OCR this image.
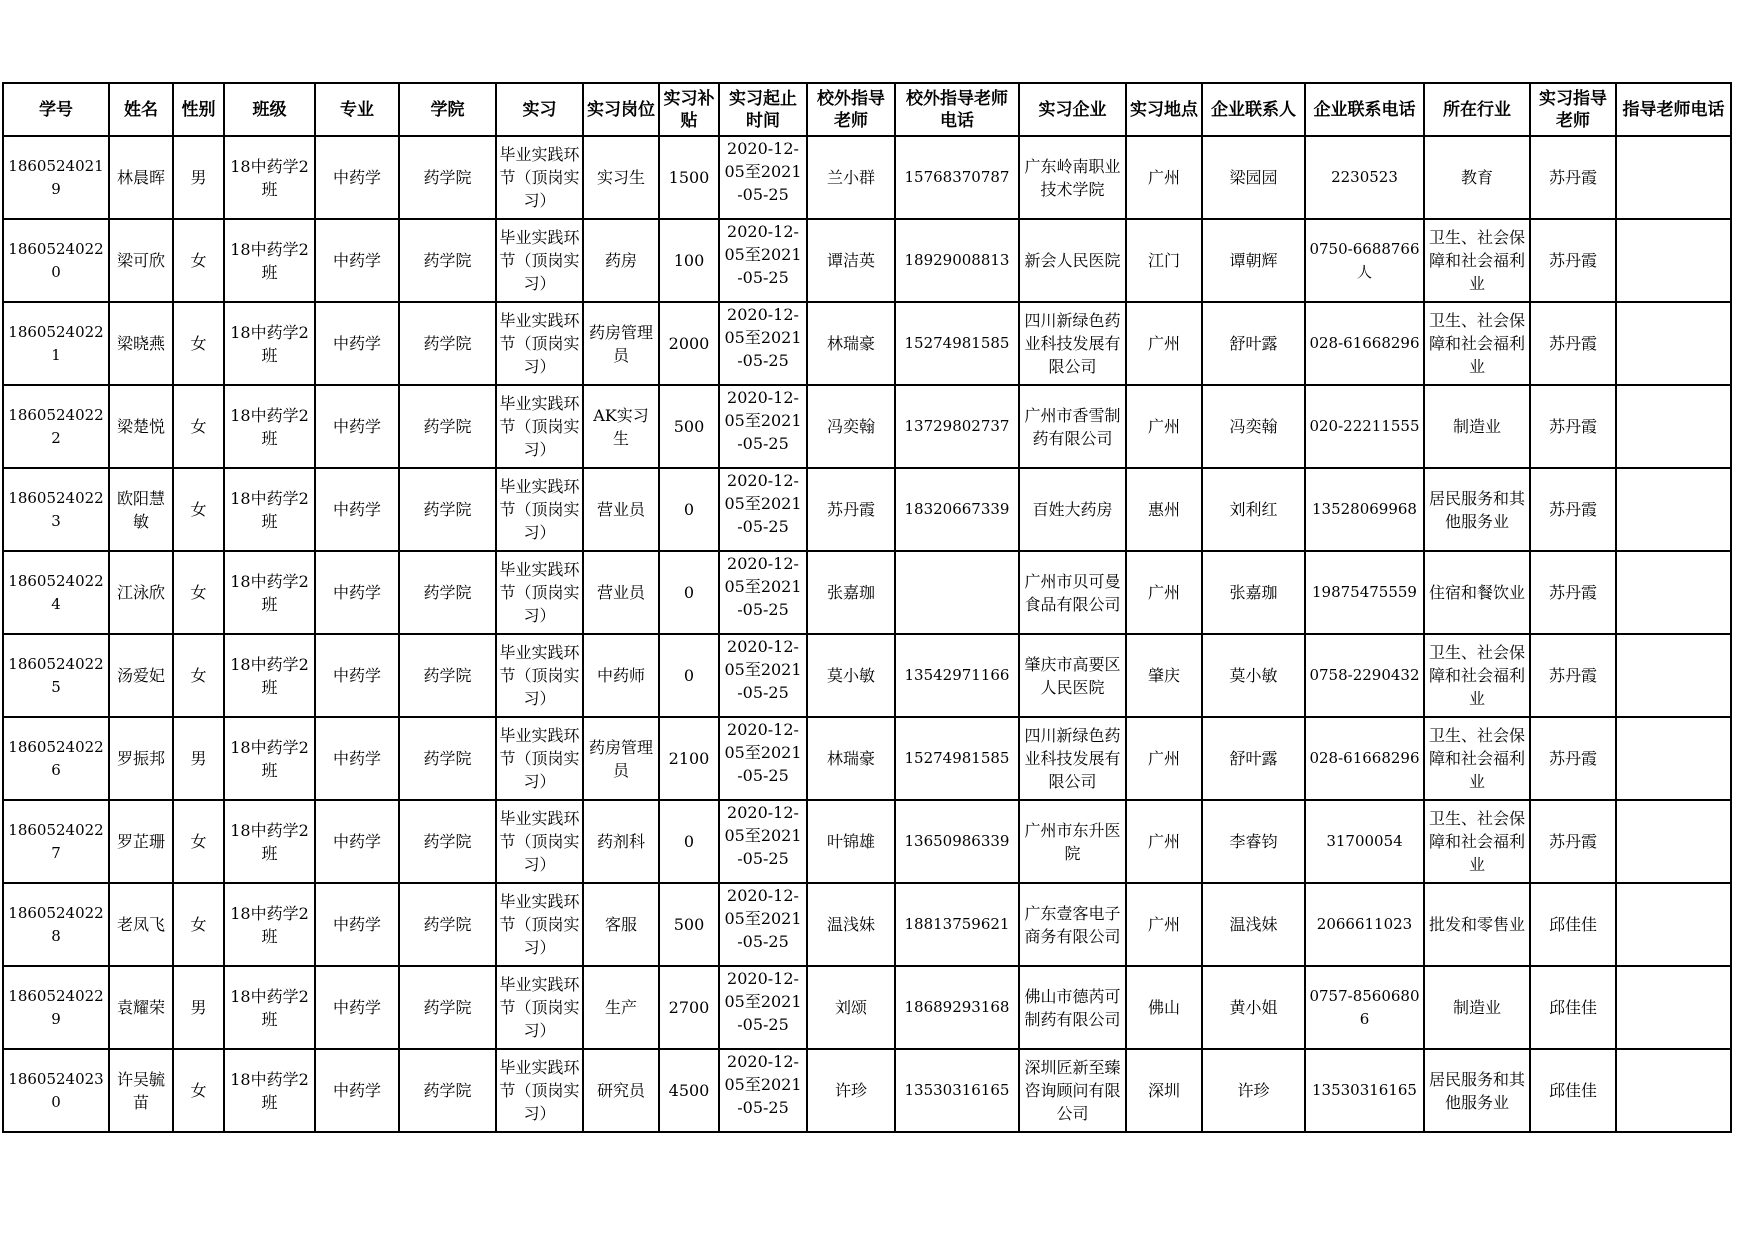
学号	姓名	性别	班级	专业	学院	实习	实习岗位	实习补贴	实习起止时间	校外指导老师	校外指导老师电话	实习企业	实习地点	企业联系人	企业联系电话	所在行业	实习指导老师	指导老师电话

18605240219	林晨晖	男	18中药学2班	中药学	药学院	毕业实践环节（顶岗实习）	实习生	1500	2020-12-05至2021-05-25	兰小群	15768370787	广东岭南职业技术学院	广州	梁园园	2230523	教育	苏丹霞	

18605240220	梁可欣	女	18中药学2班	中药学	药学院	毕业实践环节（顶岗实习）	药房	100	2020-12-05至2021-05-25	谭洁英	18929008813	新会人民医院	江门	谭朝辉	0750-6688766人	卫生、社会保障和社会福利业	苏丹霞	

18605240221	梁晓燕	女	18中药学2班	中药学	药学院	毕业实践环节（顶岗实习）	药房管理员	2000	2020-12-05至2021-05-25	林瑞豪	15274981585	四川新绿色药业科技发展有限公司	广州	舒叶露	028-61668296	卫生、社会保障和社会福利业	苏丹霞	

18605240222	梁楚悦	女	18中药学2班	中药学	药学院	毕业实践环节（顶岗实习）	AK实习生	500	2020-12-05至2021-05-25	冯奕翰	13729802737	广州市香雪制药有限公司	广州	冯奕翰	020-22211555	制造业	苏丹霞	

18605240223	欧阳慧敏	女	18中药学2班	中药学	药学院	毕业实践环节（顶岗实习）	营业员	0	2020-12-05至2021-05-25	苏丹霞	18320667339	百姓大药房	惠州	刘利红	13528069968	居民服务和其他服务业	苏丹霞	

18605240224	江泳欣	女	18中药学2班	中药学	药学院	毕业实践环节（顶岗实习）	营业员	0	2020-12-05至2021-05-25	张嘉珈		广州市贝可曼食品有限公司	广州	张嘉珈	19875475559	住宿和餐饮业	苏丹霞	

18605240225	汤爱妃	女	18中药学2班	中药学	药学院	毕业实践环节（顶岗实习）	中药师	0	2020-12-05至2021-05-25	莫小敏	13542971166	肇庆市高要区人民医院	肇庆	莫小敏	0758-2290432	卫生、社会保障和社会福利业	苏丹霞	

18605240226	罗振邦	男	18中药学2班	中药学	药学院	毕业实践环节（顶岗实习）	药房管理员	2100	2020-12-05至2021-05-25	林瑞豪	15274981585	四川新绿色药业科技发展有限公司	广州	舒叶露	028-61668296	卫生、社会保障和社会福利业	苏丹霞	

18605240227	罗芷珊	女	18中药学2班	中药学	药学院	毕业实践环节（顶岗实习）	药剂科	0	2020-12-05至2021-05-25	叶锦雄	13650986339	广州市东升医院	广州	李睿钧	31700054	卫生、社会保障和社会福利业	苏丹霞	

18605240228	老凤飞	女	18中药学2班	中药学	药学院	毕业实践环节（顶岗实习）	客服	500	2020-12-05至2021-05-25	温浅妹	18813759621	广东壹客电子商务有限公司	广州	温浅妹	2066611023	批发和零售业	邱佳佳	

18605240229	袁耀荣	男	18中药学2班	中药学	药学院	毕业实践环节（顶岗实习）	生产	2700	2020-12-05至2021-05-25	刘颂	18689293168	佛山市德芮可制药有限公司	佛山	黄小姐	0757-85606806	制造业	邱佳佳	

18605240230	许吴毓苗	女	18中药学2班	中药学	药学院	毕业实践环节（顶岗实习）	研究员	4500	2020-12-05至2021-05-25	许珍	13530316165	深圳匠新至臻咨询顾问有限公司	深圳	许珍	13530316165	居民服务和其他服务业	邱佳佳	
